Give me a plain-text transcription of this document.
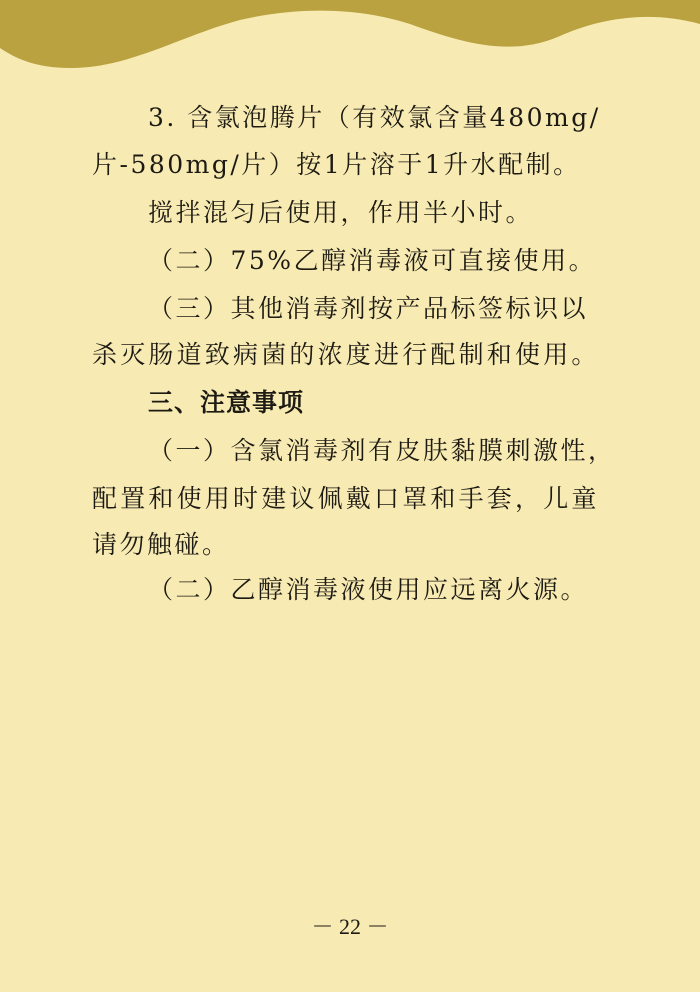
3. 含氯泡腾片（有效氯含量480mg/
片-580mg/片）按1片溶于1升水配制。
搅拌混匀后使用，作用半小时。
（二）75%乙醇消毒液可直接使用。
（三）其他消毒剂按产品标签标识以
杀灭肠道致病菌的浓度进行配制和使用。
三、注意事项
（一）含氯消毒剂有皮肤黏膜刺激性，
配置和使用时建议佩戴口罩和手套，儿童
请勿触碰。
（二）乙醇消毒液使用应远离火源。
－ 22 －
